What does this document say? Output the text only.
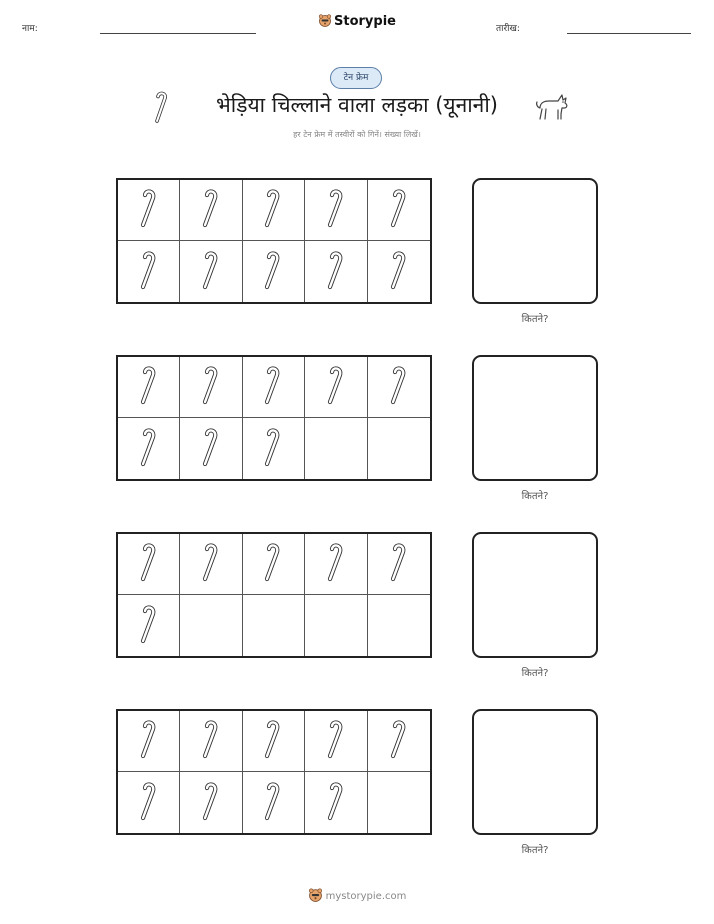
नाम:	Storypie	तारीख:
टेन फ्रेम
भेड़िया चिल्लाने वाला लड़का (यूनानी)
हर टेन फ्रेम में तस्वीरों को गिनें। संख्या लिखें।
कितने?
कितने?
कितने?
कितने?
mystorypie.com
